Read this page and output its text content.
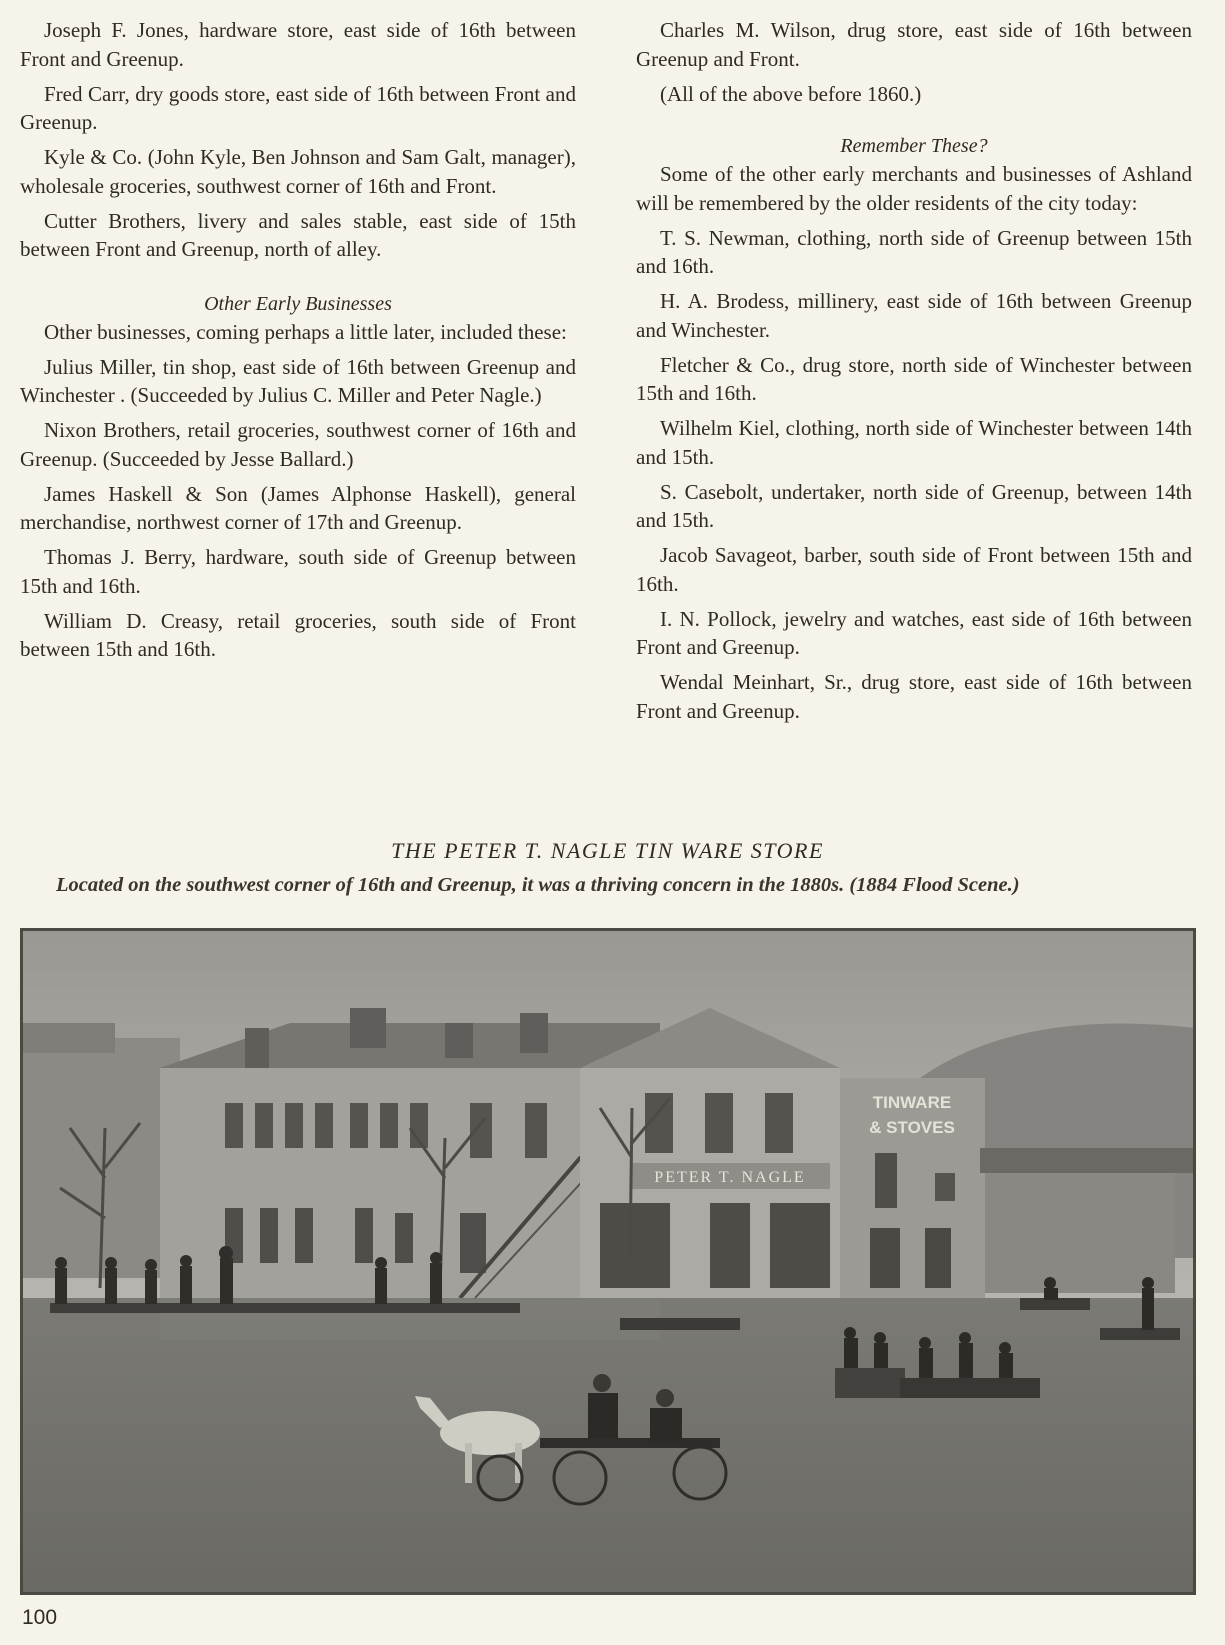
Joseph F. Jones, hardware store, east side of 16th between Front and Greenup.

Fred Carr, dry goods store, east side of 16th between Front and Greenup.

Kyle & Co. (John Kyle, Ben Johnson and Sam Galt, manager), wholesale groceries, southwest corner of 16th and Front.

Cutter Brothers, livery and sales stable, east side of 15th between Front and Greenup, north of alley.

Other Early Businesses

Other businesses, coming perhaps a little later, included these:

Julius Miller, tin shop, east side of 16th between Greenup and Winchester . (Succeeded by Julius C. Miller and Peter Nagle.)

Nixon Brothers, retail groceries, southwest corner of 16th and Greenup. (Succeeded by Jesse Ballard.)

James Haskell & Son (James Alphonse Haskell), general merchandise, northwest corner of 17th and Greenup.

Thomas J. Berry, hardware, south side of Greenup between 15th and 16th.

William D. Creasy, retail groceries, south side of Front between 15th and 16th.

Charles M. Wilson, drug store, east side of 16th between Greenup and Front.

(All of the above before 1860.)

Remember These?

Some of the other early merchants and businesses of Ashland will be remembered by the older residents of the city today:

T. S. Newman, clothing, north side of Greenup between 15th and 16th.

H. A. Brodess, millinery, east side of 16th between Greenup and Winchester.

Fletcher & Co., drug store, north side of Winchester between 15th and 16th.

Wilhelm Kiel, clothing, north side of Winchester between 14th and 15th.

S. Casebolt, undertaker, north side of Greenup, between 14th and 15th.

Jacob Savageot, barber, south side of Front between 15th and 16th.

I. N. Pollock, jewelry and watches, east side of 16th between Front and Greenup.

Wendal Meinhart, Sr., drug store, east side of 16th between Front and Greenup.

THE PETER T. NAGLE TIN WARE STORE
Located on the southwest corner of 16th and Greenup, it was a thriving concern in the 1880s. (1884 Flood Scene.)
PETER T. NAGLE
TINWARE
& STOVES
100
